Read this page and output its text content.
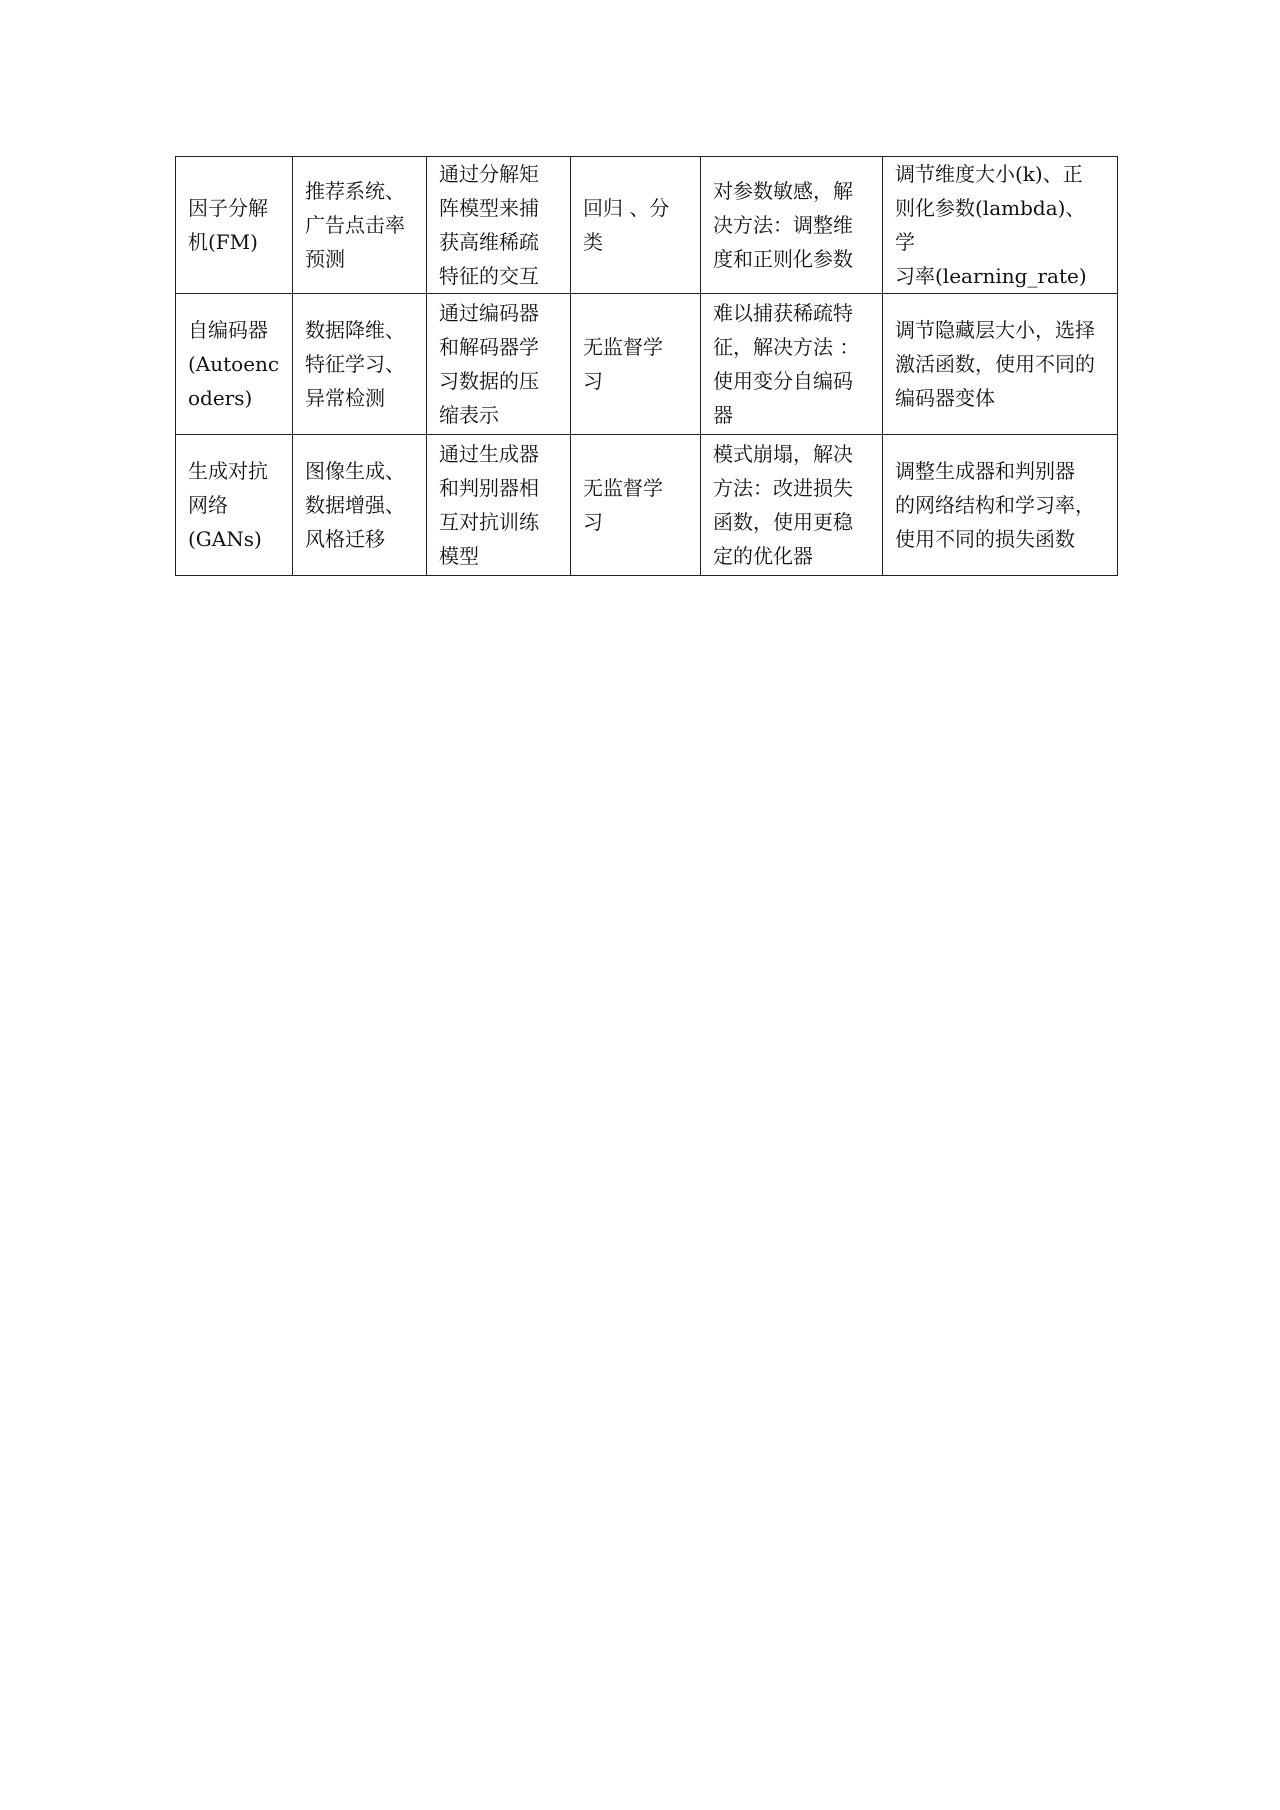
因子分解
机(FM)	推荐系统、
广告点击率
预测	通过分解矩
阵模型来捕
获高维稀疏
特征的交互	回归 、分
类	对参数敏感，解
决方法：调整维
度和正则化参数	调节维度大小(k)、正
则化参数(lambda)、学
习率(learning_rate)
自编码器
(Autoenc
oders)	数据降维、
特征学习、
异常检测	通过编码器
和解码器学
习数据的压
缩表示	无监督学
习	难以捕获稀疏特
征，解决方法 ：
使用变分自编码
器	调节隐藏层大小，选择
激活函数，使用不同的
编码器变体
生成对抗
网络
(GANs)	图像生成、
数据增强、
风格迁移	通过生成器
和判别器相
互对抗训练
模型	无监督学
习	模式崩塌，解决
方法：改进损失
函数，使用更稳
定的优化器	调整生成器和判别器
的网络结构和学习率，
使用不同的损失函数
